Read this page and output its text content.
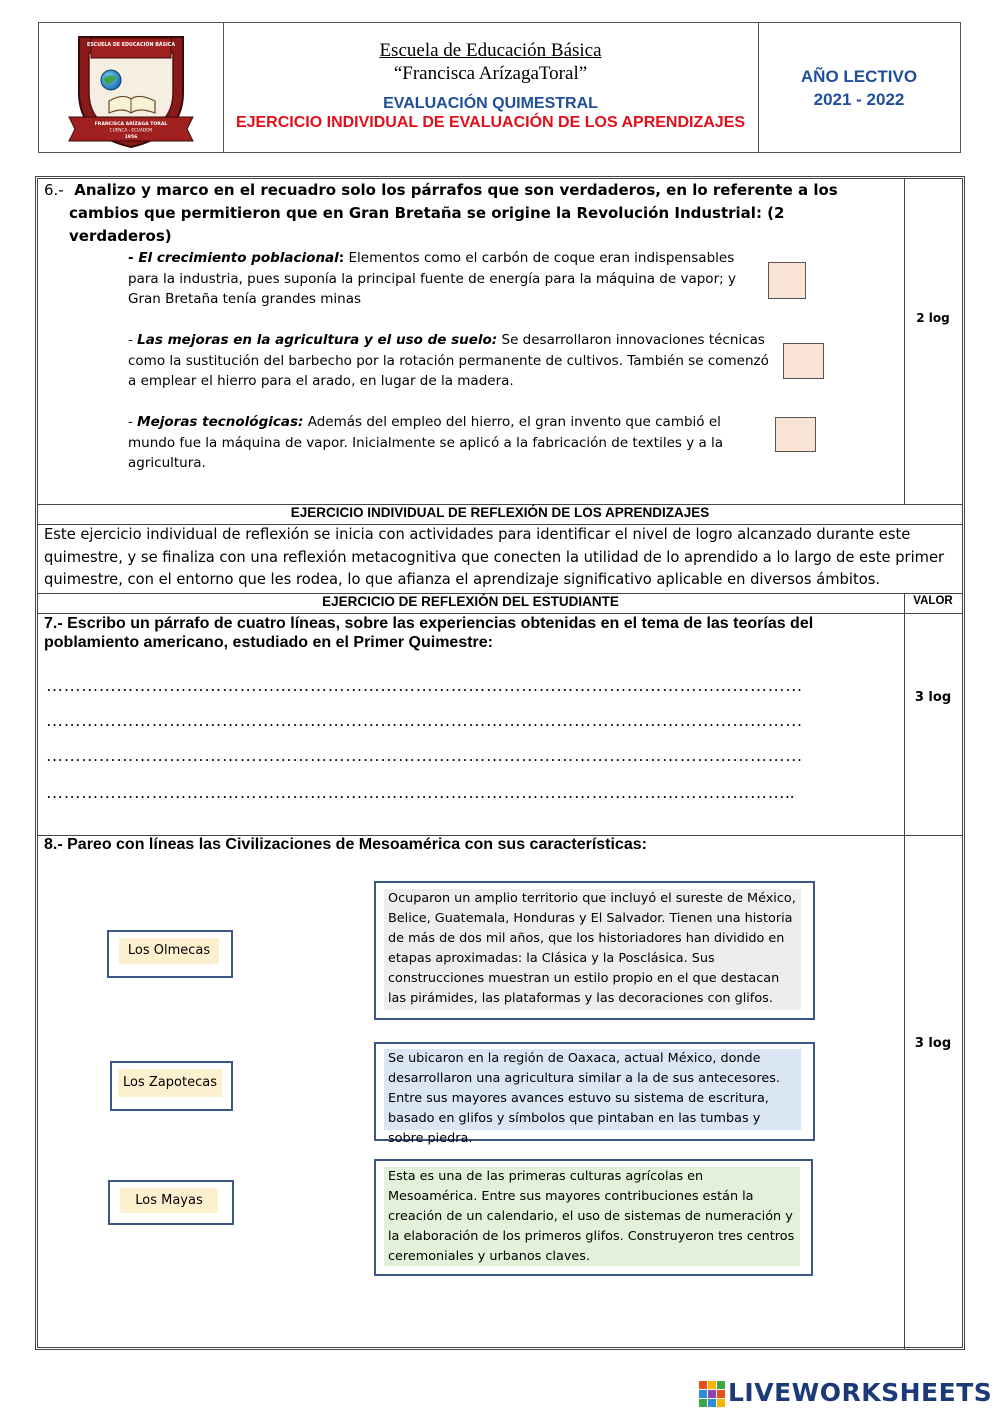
ESCUELA DE EDUCACIÓN BÁSICA
FRANCISCA ARÍZAGA TORAL
CUENCA - ECUADOR
1956
Escuela de Educación Básica
“Francisca ArízagaToral”
EVALUACIÓN QUIMESTRAL
EJERCICIO INDIVIDUAL DE EVALUACIÓN DE LOS APRENDIZAJES
AÑO LECTIVO
2021 - 2022
6.- Analizo y marco en el recuadro solo los párrafos que son verdaderos, en lo referente a los cambios que permitieron que en Gran Bretaña se origine la Revolución Industrial: (2 verdaderos)
- El crecimiento poblacional: Elementos como el carbón de coque eran indispensables para la industria, pues suponía la principal fuente de energía para la máquina de vapor; y Gran Bretaña tenía grandes minas
- Las mejoras en la agricultura y el uso de suelo: Se desarrollaron innovaciones técnicas como la sustitución del barbecho por la rotación permanente de cultivos. También se comenzó a emplear el hierro para el arado, en lugar de la madera.
- Mejoras tecnológicas: Además del empleo del hierro, el gran invento que cambió el mundo fue la máquina de vapor. Inicialmente se aplicó a la fabricación de textiles y a la agricultura.
2 log
EJERCICIO INDIVIDUAL DE REFLEXIÓN DE LOS APRENDIZAJES
Este ejercicio individual de reflexión se inicia con actividades para identificar el nivel de logro alcanzado durante este quimestre, y se finaliza con una reflexión metacognitiva que conecten la utilidad de lo aprendido a lo largo de este primer quimestre, con el entorno que les rodea, lo que afianza el aprendizaje significativo aplicable en diversos ámbitos.
EJERCICIO DE REFLEXIÓN DEL ESTUDIANTE	VALOR
7.- Escribo un párrafo de cuatro líneas, sobre las experiencias obtenidas en el tema de las teorías del poblamiento americano, estudiado en el Primer Quimestre:
…………………………………………………………………………………………………………………
…………………………………………………………………………………………………………………
…………………………………………………………………………………………………………………
………………………………………………………………………………………………………………..
3 log
8.- Pareo con líneas las Civilizaciones de Mesoamérica con sus características:
3 log
Los Olmecas
Los Zapotecas
Los Mayas
Ocuparon un amplio territorio que incluyó el sureste de México, Belice, Guatemala, Honduras y El Salvador. Tienen una historia de más de dos mil años, que los historiadores han dividido en etapas aproximadas: la Clásica y la Posclásica. Sus construcciones muestran un estilo propio en el que destacan las pirámides, las plataformas y las decoraciones con glifos.
Se ubicaron en la región de Oaxaca, actual México, donde desarrollaron una agricultura similar a la de sus antecesores. Entre sus mayores avances estuvo su sistema de escritura, basado en glifos y símbolos que pintaban en las tumbas y sobre piedra.
Esta es una de las primeras culturas agrícolas en Mesoamérica. Entre sus mayores contribuciones están la creación de un calendario, el uso de sistemas de numeración y la elaboración de los primeros glifos. Construyeron tres centros ceremoniales y urbanos claves.
LIVEWORKSHEETS
